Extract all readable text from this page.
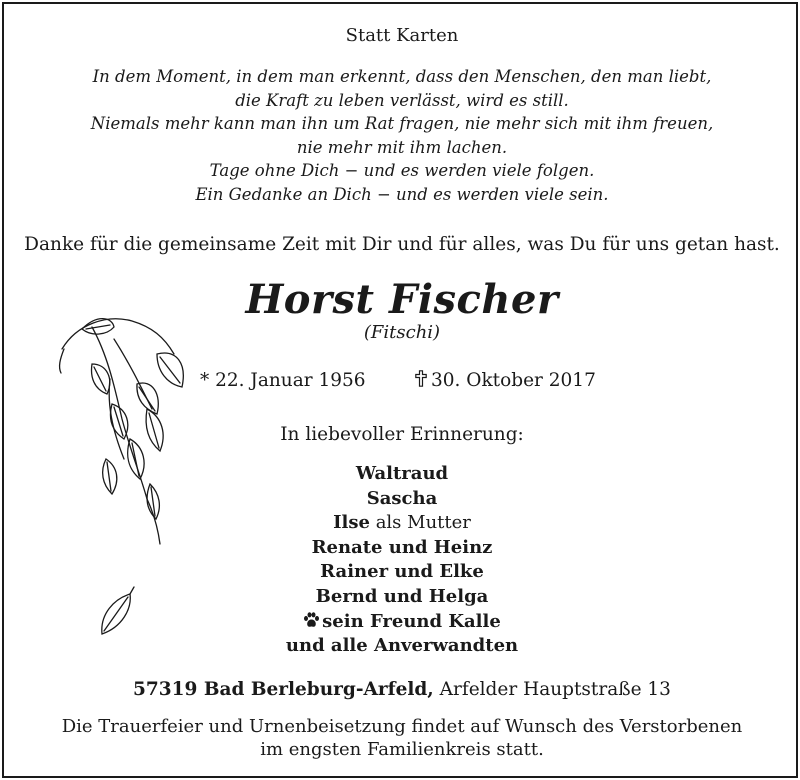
Statt Karten
In dem Moment, in dem man erkennt, dass den Menschen, den man liebt,
die Kraft zu leben verlässt, wird es still.
Niemals mehr kann man ihn um Rat fragen, nie mehr sich mit ihm freuen,
nie mehr mit ihm lachen.
Tage ohne Dich − und es werden viele folgen.
Ein Gedanke an Dich − und es werden viele sein.
Danke für die gemeinsame Zeit mit Dir und für alles, was Du für uns getan hast.
Horst Fischer
(Fitschi)
* 22. Januar 1956	30. Oktober 2017
In liebevoller Erinnerung:
Waltraud
Sascha
Ilse als Mutter
Renate und Heinz
Rainer und Elke
Bernd und Helga
sein Freund Kalle
und alle Anverwandten
57319 Bad Berleburg-Arfeld, Arfelder Hauptstraße 13
Die Trauerfeier und Urnenbeisetzung findet auf Wunsch des Verstorbenen
im engsten Familienkreis statt.
